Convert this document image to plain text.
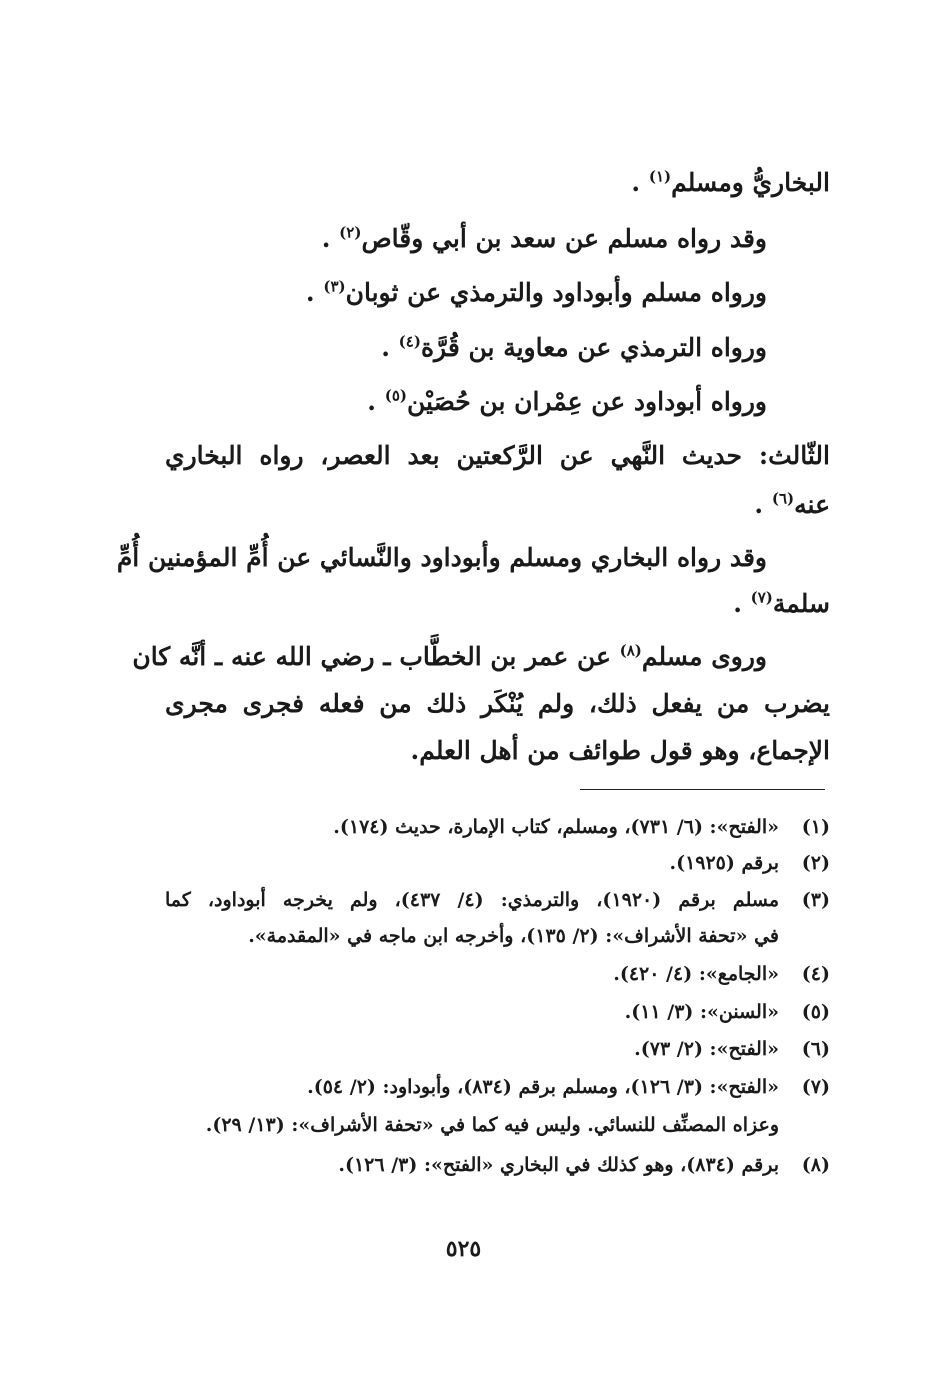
البخاريُّ ومسلم$^{(١)}$ .
وقد رواه مسلم عن سعد بن أبي وقّاص$^{(٢)}$ .
ورواه مسلم وأبوداود والترمذي عن ثوبان$^{(٣)}$ .
ورواه الترمذي عن معاوية بن قُرَّة$^{(٤)}$ .
ورواه أبوداود عن عِمْران بن حُصَيْن$^{(٥)}$ .
الثّالث: حديث النَّهي عن الرَّكعتين بعد العصر، رواه البخاري
عنه$^{(٦)}$ .
وقد رواه البخاري ومسلم وأبوداود والنَّسائي عن أُمِّ المؤمنين أُمِّ
سلمة$^{(٧)}$ .
وروى مسلم$^{(٨)}$ عن عمر بن الخطَّاب ـ رضي الله عنه ـ أنَّه كان
يضرب من يفعل ذلك، ولم يُنْكَر ذلك من فعله فجرى مجرى
الإجماع، وهو قول طوائف من أهل العلم.
(١)
«الفتح»: (٦/ ٧٣١)، ومسلم، كتاب الإمارة، حديث (١٧٤).
(٢)
برقم (١٩٢٥).
(٣)
مسلم برقم (١٩٢٠)، والترمذي: (٤/ ٤٣٧)، ولم يخرجه أبوداود، كما
في «تحفة الأشراف»: (٢/ ١٣٥)، وأخرجه ابن ماجه في «المقدمة».
(٤)
«الجامع»: (٤/ ٤٢٠).
(٥)
«السنن»: (٣/ ١١).
(٦)
«الفتح»: (٢/ ٧٣).
(٧)
«الفتح»: (٣/ ١٢٦)، ومسلم برقم (٨٣٤)، وأبوداود: (٢/ ٥٤).
وعزاه المصنِّف للنسائي. وليس فيه كما في «تحفة الأشراف»: (١٣/ ٢٩).
(٨)
برقم (٨٣٤)، وهو كذلك في البخاري «الفتح»: (٣/ ١٢٦).
٥٢٥
